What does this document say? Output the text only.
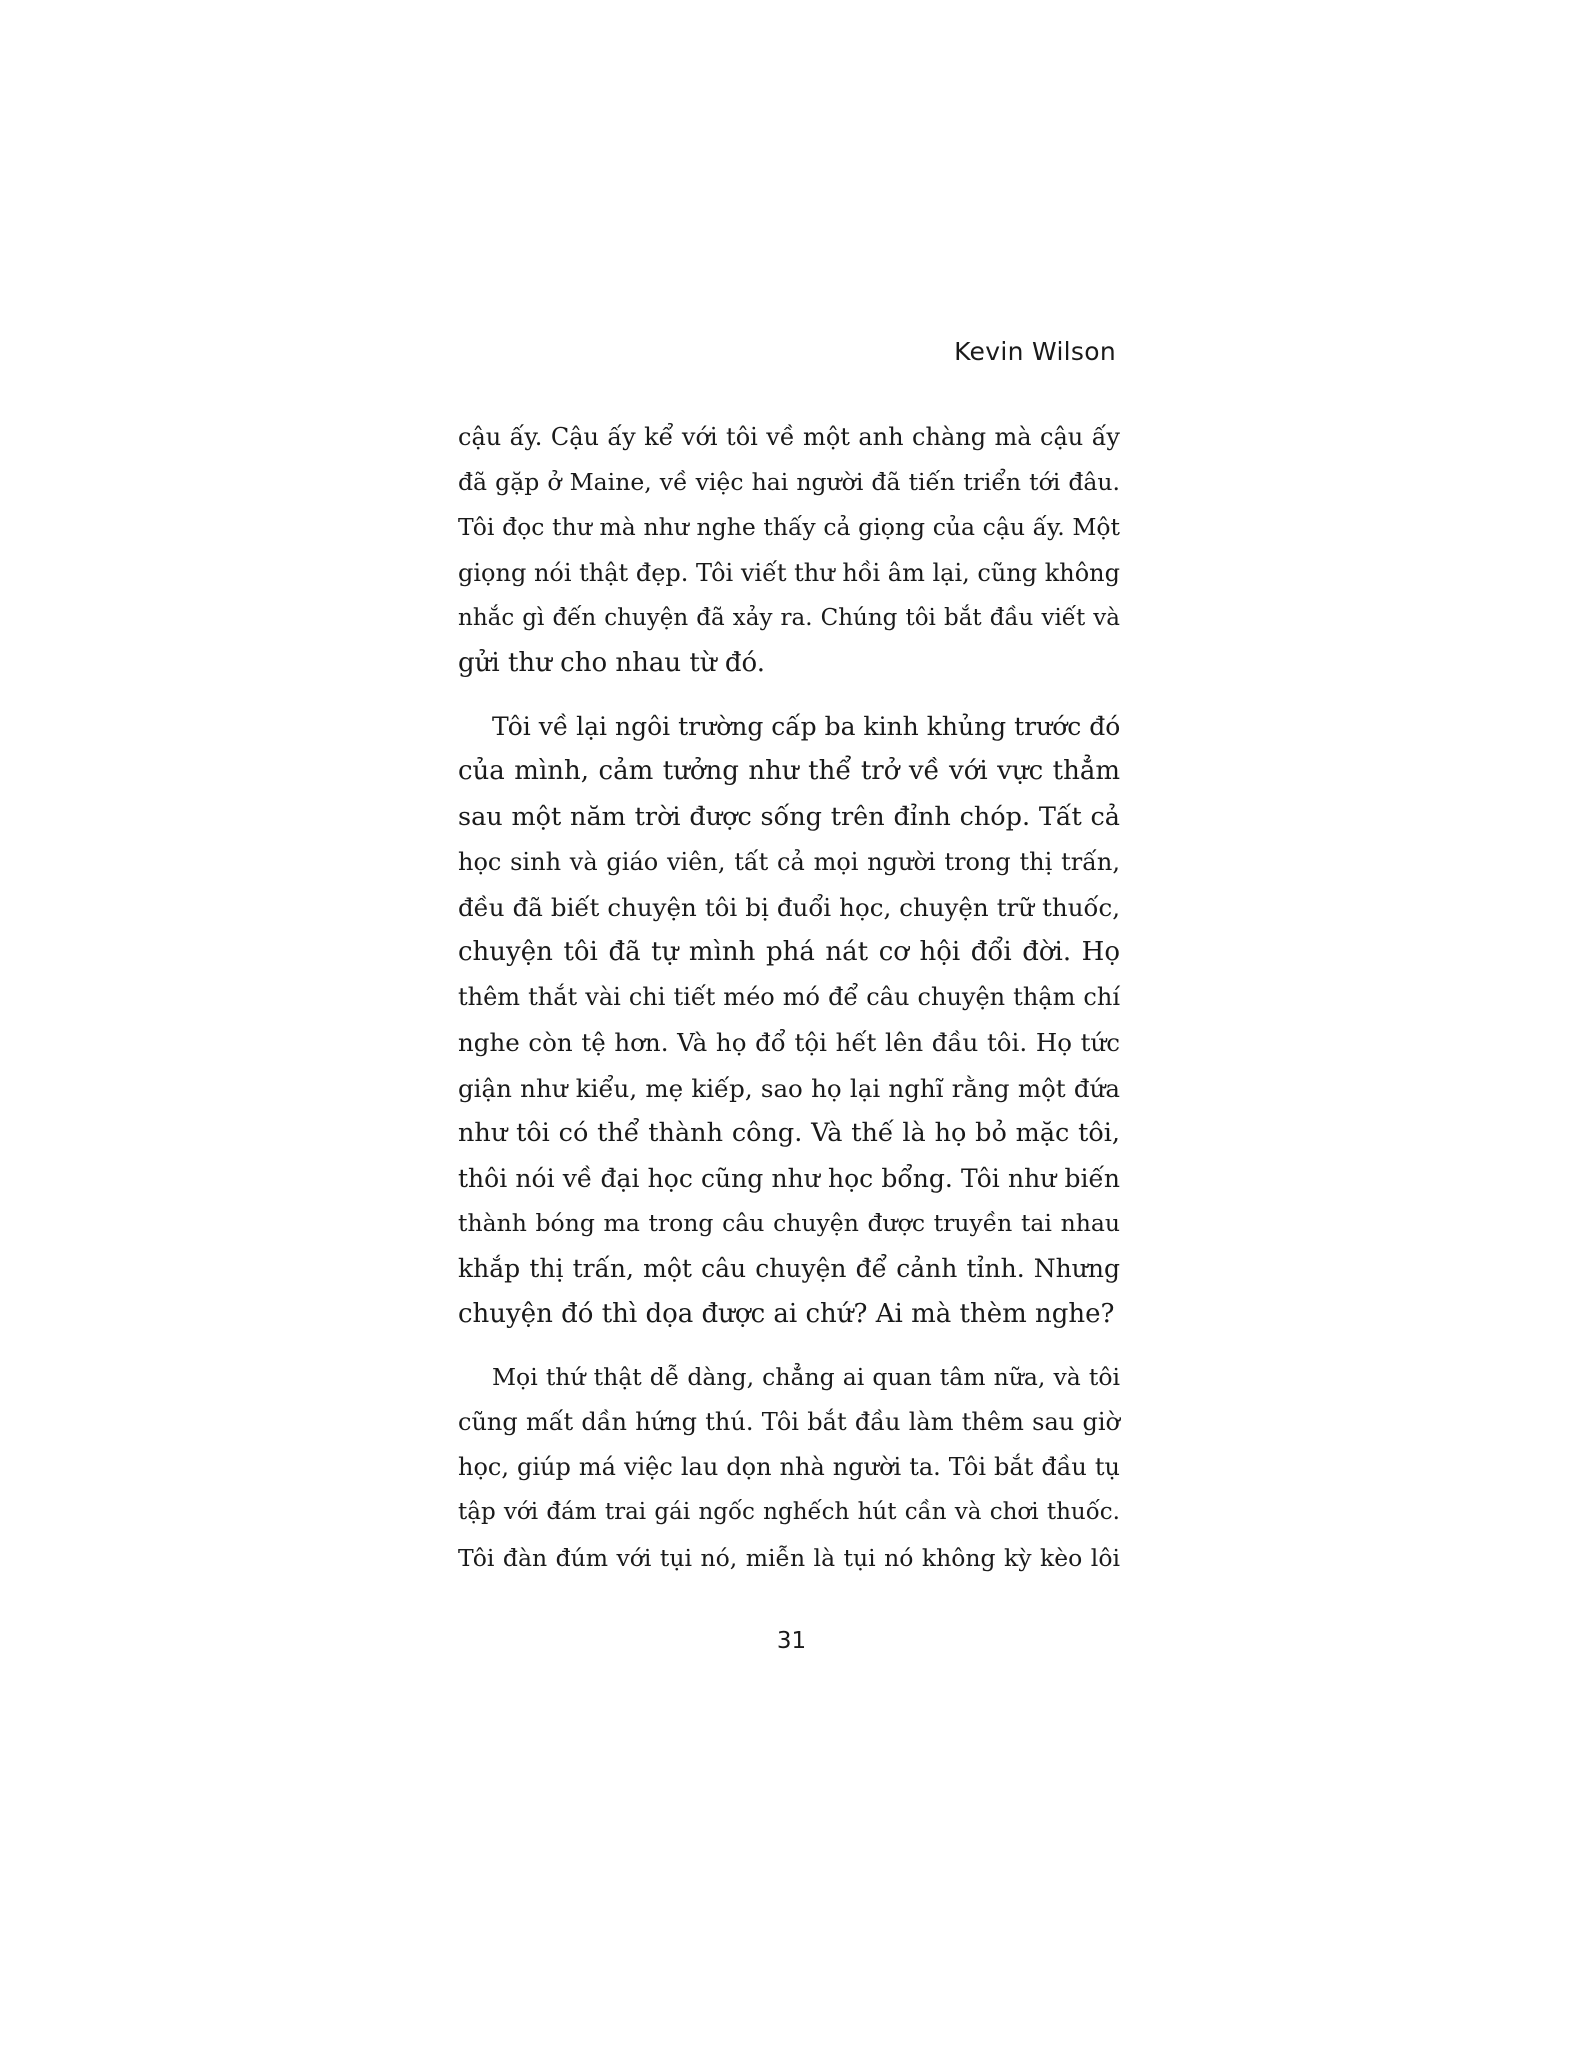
Kevin Wilson
cậu ấy. Cậu ấy kể với tôi về một anh chàng mà cậu ấy
đã gặp ở Maine, về việc hai người đã tiến triển tới đâu.
Tôi đọc thư mà như nghe thấy cả giọng của cậu ấy. Một
giọng nói thật đẹp. Tôi viết thư hồi âm lại, cũng không
nhắc gì đến chuyện đã xảy ra. Chúng tôi bắt đầu viết và
gửi thư cho nhau từ đó.
Tôi về lại ngôi trường cấp ba kinh khủng trước đó
của mình, cảm tưởng như thể trở về với vực thẳm
sau một năm trời được sống trên đỉnh chóp. Tất cả
học sinh và giáo viên, tất cả mọi người trong thị trấn,
đều đã biết chuyện tôi bị đuổi học, chuyện trữ thuốc,
chuyện tôi đã tự mình phá nát cơ hội đổi đời. Họ
thêm thắt vài chi tiết méo mó để câu chuyện thậm chí
nghe còn tệ hơn. Và họ đổ tội hết lên đầu tôi. Họ tức
giận như kiểu, mẹ kiếp, sao họ lại nghĩ rằng một đứa
như tôi có thể thành công. Và thế là họ bỏ mặc tôi,
thôi nói về đại học cũng như học bổng. Tôi như biến
thành bóng ma trong câu chuyện được truyền tai nhau
khắp thị trấn, một câu chuyện để cảnh tỉnh. Nhưng
chuyện đó thì dọa được ai chứ? Ai mà thèm nghe?
Mọi thứ thật dễ dàng, chẳng ai quan tâm nữa, và tôi
cũng mất dần hứng thú. Tôi bắt đầu làm thêm sau giờ
học, giúp má việc lau dọn nhà người ta. Tôi bắt đầu tụ
tập với đám trai gái ngốc nghếch hút cần và chơi thuốc.
Tôi đàn đúm với tụi nó, miễn là tụi nó không kỳ kèo lôi
31
